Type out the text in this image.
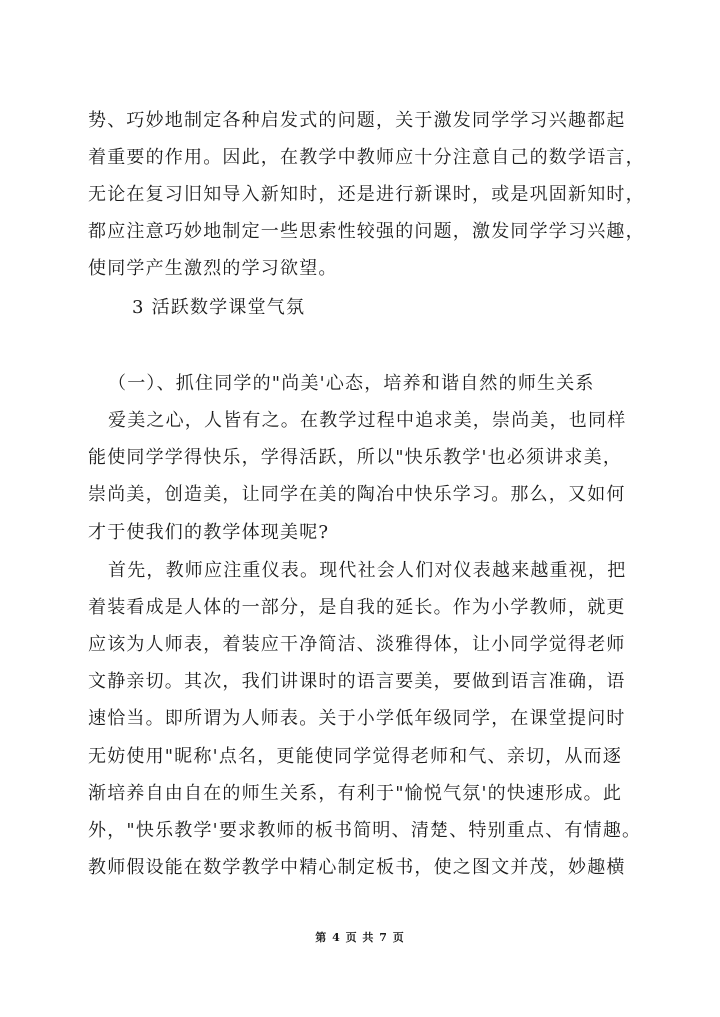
势、巧妙地制定各种启发式的问题，关于激发同学学习兴趣都起
着重要的作用。因此，在教学中教师应十分注意自己的数学语言，
无论在复习旧知导入新知时，还是进行新课时，或是巩固新知时，
都应注意巧妙地制定一些思索性较强的问题，激发同学学习兴趣，
使同学产生激烈的学习欲望。
3 活跃数学课堂气氛
（一）、抓住同学的"尚美'心态，培养和谐自然的师生关系
爱美之心，人皆有之。在教学过程中追求美，崇尚美，也同样
能使同学学得快乐，学得活跃，所以"快乐教学'也必须讲求美，
崇尚美，创造美，让同学在美的陶冶中快乐学习。那么，又如何
才于使我们的教学体现美呢?
首先，教师应注重仪表。现代社会人们对仪表越来越重视，把
着装看成是人体的一部分，是自我的延长。作为小学教师，就更
应该为人师表，着装应干净简洁、淡雅得体，让小同学觉得老师
文静亲切。其次，我们讲课时的语言要美，要做到语言准确，语
速恰当。即所谓为人师表。关于小学低年级同学，在课堂提问时
无妨使用"昵称'点名，更能使同学觉得老师和气、亲切，从而逐
渐培养自由自在的师生关系，有利于"愉悦气氛'的快速形成。此
外，"快乐教学'要求教师的板书简明、清楚、特别重点、有情趣。
教师假设能在数学教学中精心制定板书，使之图文并茂，妙趣横
第 4 页 共 7 页
